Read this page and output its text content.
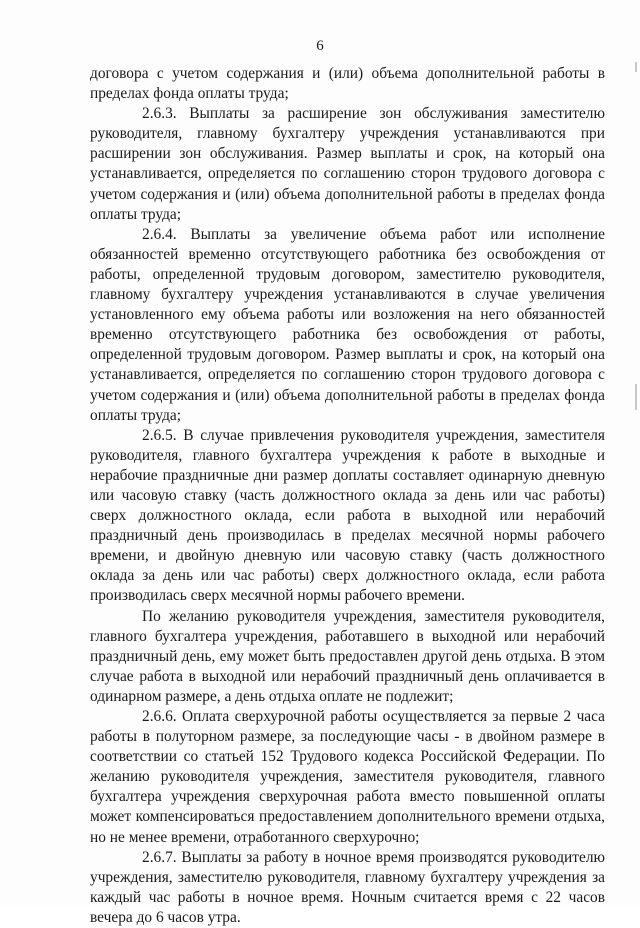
6

договора с учетом содержания и (или) объема дополнительной работы в пределах фонда оплаты труда;

2.6.3. Выплаты за расширение зон обслуживания заместителю руководителя, главному бухгалтеру учреждения устанавливаются при расширении зон обслуживания. Размер выплаты и срок, на который она устанавливается, определяется по соглашению сторон трудового договора с учетом содержания и (или) объема дополнительной работы в пределах фонда оплаты труда;

2.6.4. Выплаты за увеличение объема работ или исполнение обязанностей временно отсутствующего работника без освобождения от работы, определенной трудовым договором, заместителю руководителя, главному бухгалтеру учреждения устанавливаются в случае увеличения установленного ему объема работы или возложения на него обязанностей временно отсутствующего работника без освобождения от работы, определенной трудовым договором. Размер выплаты и срок, на который она устанавливается, определяется по соглашению сторон трудового договора с учетом содержания и (или) объема дополнительной работы в пределах фонда оплаты труда;

2.6.5. В случае привлечения руководителя учреждения, заместителя руководителя, главного бухгалтера учреждения к работе в выходные и нерабочие праздничные дни размер доплаты составляет одинарную дневную или часовую ставку (часть должностного оклада за день или час работы) сверх должностного оклада, если работа в выходной или нерабочий праздничный день производилась в пределах месячной нормы рабочего времени, и двойную дневную или часовую ставку (часть должностного оклада за день или час работы) сверх должностного оклада, если работа производилась сверх месячной нормы рабочего времени.

По желанию руководителя учреждения, заместителя руководителя, главного бухгалтера учреждения, работавшего в выходной или нерабочий праздничный день, ему может быть предоставлен другой день отдыха. В этом случае работа в выходной или нерабочий праздничный день оплачивается в одинарном размере, а день отдыха оплате не подлежит;

2.6.6. Оплата сверхурочной работы осуществляется за первые 2 часа работы в полуторном размере, за последующие часы - в двойном размере в соответствии со статьей 152 Трудового кодекса Российской Федерации. По желанию руководителя учреждения, заместителя руководителя, главного бухгалтера учреждения сверхурочная работа вместо повышенной оплаты может компенсироваться предоставлением дополнительного времени отдыха, но не менее времени, отработанного сверхурочно;

2.6.7. Выплаты за работу в ночное время производятся руководителю учреждения, заместителю руководителя, главному бухгалтеру учреждения за каждый час работы в ночное время. Ночным считается время с 22 часов вечера до 6 часов утра.
